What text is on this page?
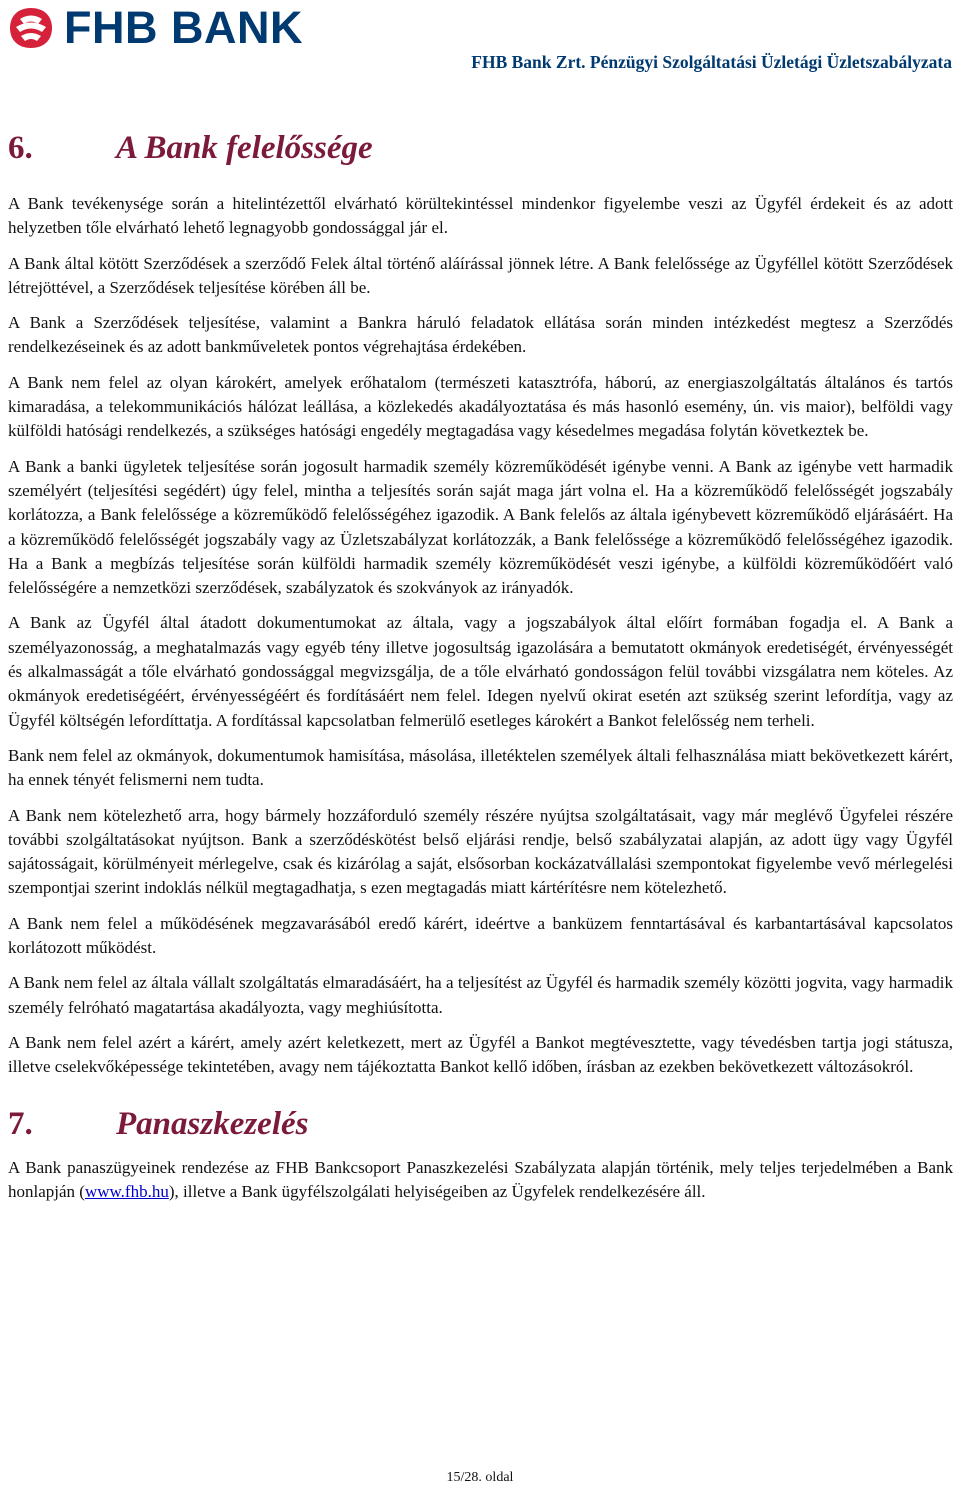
FHB BANK
FHB Bank Zrt. Pénzügyi Szolgáltatási Üzletági Üzletszabályzata
6.	A Bank felelőssége

A Bank tevékenysége során a hitelintézettől elvárható körültekintéssel mindenkor figyelembe veszi az Ügyfél érdekeit és az adott helyzetben tőle elvárható lehető legnagyobb gondossággal jár el.

A Bank által kötött Szerződések a szerződő Felek által történő aláírással jönnek létre. A Bank felelőssége az Ügyféllel kötött Szerződések létrejöttével, a Szerződések teljesítése körében áll be.

A Bank a Szerződések teljesítése, valamint a Bankra háruló feladatok ellátása során minden intézkedést megtesz a Szerződés rendelkezéseinek és az adott bankműveletek pontos végrehajtása érdekében.

A Bank nem felel az olyan károkért, amelyek erőhatalom (természeti katasztrófa, háború, az energiaszolgáltatás általános és tartós kimaradása, a telekommunikációs hálózat leállása, a közlekedés akadályoztatása és más hasonló esemény, ún. vis maior), belföldi vagy külföldi hatósági rendelkezés, a szükséges hatósági engedély megtagadása vagy késedelmes megadása folytán következtek be.

A Bank a banki ügyletek teljesítése során jogosult harmadik személy közreműködését igénybe venni. A Bank az igénybe vett harmadik személyért (teljesítési segédért) úgy felel, mintha a teljesítés során saját maga járt volna el. Ha a közreműködő felelősségét jogszabály korlátozza, a Bank felelőssége a közreműködő felelősségéhez igazodik. A Bank felelős az általa igénybevett közreműködő eljárásáért. Ha a közreműködő felelősségét jogszabály vagy az Üzletszabályzat korlátozzák, a Bank felelőssége a közreműködő felelősségéhez igazodik. Ha a Bank a megbízás teljesítése során külföldi harmadik személy közreműködését veszi igénybe, a külföldi közreműködőért való felelősségére a nemzetközi szerződések, szabályzatok és szokványok az irányadók.

A Bank az Ügyfél által átadott dokumentumokat az általa, vagy a jogszabályok által előírt formában fogadja el. A Bank a személyazonosság, a meghatalmazás vagy egyéb tény illetve jogosultság igazolására a bemutatott okmányok eredetiségét, érvényességét és alkalmasságát a tőle elvárható gondossággal megvizsgálja, de a tőle elvárható gondosságon felül további vizsgálatra nem köteles. Az okmányok eredetiségéért, érvényességéért és fordításáért nem felel. Idegen nyelvű okirat esetén azt szükség szerint lefordítja, vagy az Ügyfél költségén lefordíttatja. A fordítással kapcsolatban felmerülő esetleges károkért a Bankot felelősség nem terheli.

Bank nem felel az okmányok, dokumentumok hamisítása, másolása, illetéktelen személyek általi felhasználása miatt bekövetkezett kárért, ha ennek tényét felismerni nem tudta.

A Bank nem kötelezhető arra, hogy bármely hozzáforduló személy részére nyújtsa szolgáltatásait, vagy már meglévő Ügyfelei részére további szolgáltatásokat nyújtson. Bank a szerződéskötést belső eljárási rendje, belső szabályzatai alapján, az adott ügy vagy Ügyfél sajátosságait, körülményeit mérlegelve, csak és kizárólag a saját, elsősorban kockázatvállalási szempontokat figyelembe vevő mérlegelési szempontjai szerint indoklás nélkül megtagadhatja, s ezen megtagadás miatt kártérítésre nem kötelezhető.

A Bank nem felel a működésének megzavarásából eredő kárért, ideértve a banküzem fenntartásával és karbantartásával kapcsolatos korlátozott működést.

A Bank nem felel az általa vállalt szolgáltatás elmaradásáért, ha a teljesítést az Ügyfél és harmadik személy közötti jogvita, vagy harmadik személy felróható magatartása akadályozta, vagy meghiúsította.

A Bank nem felel azért a kárért, amely azért keletkezett, mert az Ügyfél a Bankot megtévesztette, vagy tévedésben tartja jogi státusza, illetve cselekvőképessége tekintetében, avagy nem tájékoztatta Bankot kellő időben, írásban az ezekben bekövetkezett változásokról.

7.	Panaszkezelés

A Bank panaszügyeinek rendezése az FHB Bankcsoport Panaszkezelési Szabályzata alapján történik, mely teljes terjedelmében a Bank honlapján (www.fhb.hu), illetve a Bank ügyfélszolgálati helyiségeiben az Ügyfelek rendelkezésére áll.

15/28. oldal
